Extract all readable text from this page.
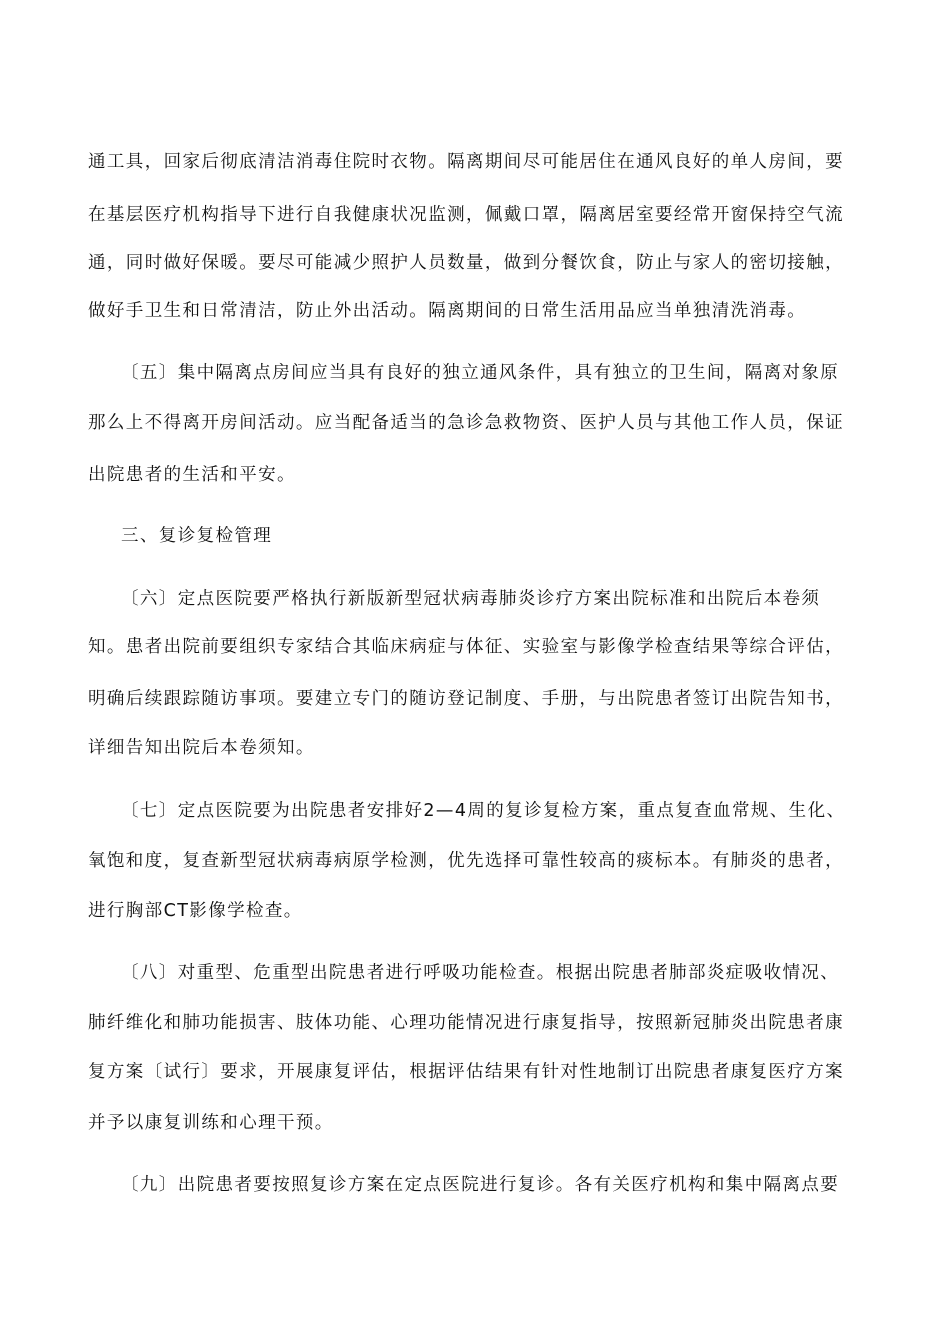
通工具，回家后彻底清洁消毒住院时衣物。隔离期间尽可能居住在通风良好的单人房间，要
在基层医疗机构指导下进行自我健康状况监测，佩戴口罩，隔离居室要经常开窗保持空气流
通，同时做好保暖。要尽可能减少照护人员数量，做到分餐饮食，防止与家人的密切接触，
做好手卫生和日常清洁，防止外出活动。隔离期间的日常生活用品应当单独清洗消毒。
〔五〕集中隔离点房间应当具有良好的独立通风条件，具有独立的卫生间，隔离对象原
那么上不得离开房间活动。应当配备适当的急诊急救物资、医护人员与其他工作人员，保证
出院患者的生活和平安。
三、复诊复检管理
〔六〕定点医院要严格执行新版新型冠状病毒肺炎诊疗方案出院标准和出院后本卷须
知。患者出院前要组织专家结合其临床病症与体征、实验室与影像学检查结果等综合评估，
明确后续跟踪随访事项。要建立专门的随访登记制度、手册，与出院患者签订出院告知书，
详细告知出院后本卷须知。
〔七〕定点医院要为出院患者安排好2—4周的复诊复检方案，重点复查血常规、生化、
氧饱和度，复查新型冠状病毒病原学检测，优先选择可靠性较高的痰标本。有肺炎的患者，
进行胸部CT影像学检查。
〔八〕对重型、危重型出院患者进行呼吸功能检查。根据出院患者肺部炎症吸收情况、
肺纤维化和肺功能损害、肢体功能、心理功能情况进行康复指导，按照新冠肺炎出院患者康
复方案〔试行〕要求，开展康复评估，根据评估结果有针对性地制订出院患者康复医疗方案
并予以康复训练和心理干预。
〔九〕出院患者要按照复诊方案在定点医院进行复诊。各有关医疗机构和集中隔离点要
